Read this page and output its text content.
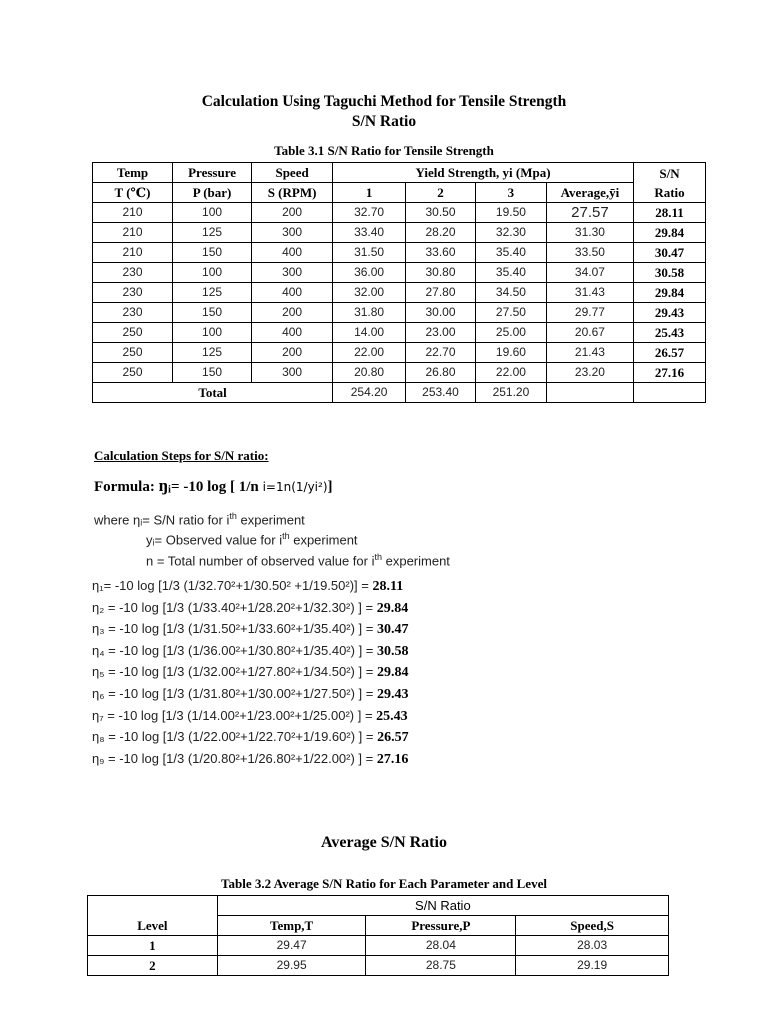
Calculation Using Taguchi Method for Tensile Strength
S/N Ratio
Table 3.1 S/N Ratio for Tensile Strength
Temp	Pressure	Speed	Yield Strength, yi (Mpa)				S/N
Ratio
T (℃)	P (bar)	S (RPM)	1	2	3	Average,ȳi	
210	100	200	32.70	30.50	19.50	27.57	28.11
210	125	300	33.40	28.20	32.30	31.30	29.84
210	150	400	31.50	33.60	35.40	33.50	30.47
230	100	300	36.00	30.80	35.40	34.07	30.58
230	125	400	32.00	27.80	34.50	31.43	29.84
230	150	200	31.80	30.00	27.50	29.77	29.43
250	100	400	14.00	23.00	25.00	20.67	25.43
250	125	200	22.00	22.70	19.60	21.43	26.57
250	150	300	20.80	26.80	22.00	23.20	27.16
Total			254.20	253.40	251.20		
Calculation Steps for S/N ratio:
Formula: ŋᵢ= -10 log [ 1/n i=1n(1/yi²)]
where ηᵢ= S/N ratio for $i^{th}$ experiment
yᵢ= Observed value for $i^{th}$ experiment
n = Total number of observed value for $i^{th}$ experiment
η₁= -10 log [1/3 (1/32.70²+1/30.50² +1/19.50²)] = 28.11
η₂ = -10 log [1/3 (1/33.40²+1/28.20²+1/32.30²) ] = 29.84
η₃ = -10 log [1/3 (1/31.50²+1/33.60²+1/35.40²) ] = 30.47
η₄ = -10 log [1/3 (1/36.00²+1/30.80²+1/35.40²) ] = 30.58
η₅ = -10 log [1/3 (1/32.00²+1/27.80²+1/34.50²) ] = 29.84
η₆ = -10 log [1/3 (1/31.80²+1/30.00²+1/27.50²) ] = 29.43
η₇ = -10 log [1/3 (1/14.00²+1/23.00²+1/25.00²) ] = 25.43
η₈ = -10 log [1/3 (1/22.00²+1/22.70²+1/19.60²) ] = 26.57
η₉ = -10 log [1/3 (1/20.80²+1/26.80²+1/22.00²) ] = 27.16
Average S/N Ratio
Table 3.2 Average S/N Ratio for Each Parameter and Level
Level	S/N Ratio		
	Temp,T	Pressure,P	Speed,S
1	29.47	28.04	28.03
2	29.95	28.75	29.19
